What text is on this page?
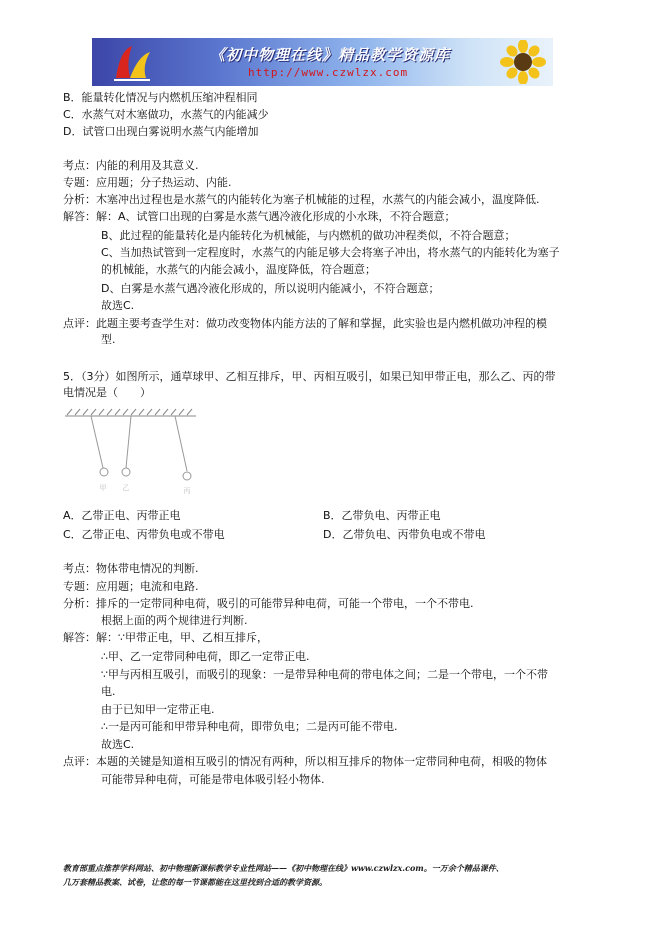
《初中物理在线》精品教学资源库
http://www.czwlzx.com
B．能量转化情况与内燃机压缩冲程相同
C．水蒸气对木塞做功，水蒸气的内能减少
D．试管口出现白雾说明水蒸气内能增加
考点：内能的利用及其意义.
专题：应用题；分子热运动、内能.
分析：木塞冲出过程也是水蒸气的内能转化为塞子机械能的过程，水蒸气的内能会减小，温度降低.
解答：解：A、试管口出现的白雾是水蒸气遇冷液化形成的小水珠，不符合题意；
B、此过程的能量转化是内能转化为机械能，与内燃机的做功冲程类似，不符合题意；
C、当加热试管到一定程度时，水蒸气的内能足够大会将塞子冲出，将水蒸气的内能转化为塞子
的机械能，水蒸气的内能会减小，温度降低，符合题意；
D、白雾是水蒸气遇冷液化形成的，所以说明内能减小，不符合题意；
故选C.
点评：此题主要考查学生对：做功改变物体内能方法的了解和掌握，此实验也是内燃机做功冲程的模
型.
5．（3分）如图所示，通草球甲、乙相互排斥，甲、丙相互吸引，如果已知甲带正电，那么乙、丙的带
电情况是（　　）
甲 乙	丙
A．乙带正电、丙带正电	B．乙带负电、丙带正电
C．乙带正电、丙带负电或不带电	D．乙带负电、丙带负电或不带电
考点：物体带电情况的判断.
专题：应用题；电流和电路.
分析：排斥的一定带同种电荷，吸引的可能带异种电荷，可能一个带电，一个不带电.
根据上面的两个规律进行判断.
解答：解：∵甲带正电，甲、乙相互排斥，
∴甲、乙一定带同种电荷，即乙一定带正电.
∵甲与丙相互吸引，而吸引的现象：一是带异种电荷的带电体之间；二是一个带电，一个不带
电.
由于已知甲一定带正电.
∴一是丙可能和甲带异种电荷，即带负电；二是丙可能不带电.
故选C.
点评：本题的关键是知道相互吸引的情况有两种，所以相互排斥的物体一定带同种电荷，相吸的物体
可能带异种电荷，可能是带电体吸引轻小物体.
教育部重点推荐学科网站、初中物理新课标教学专业性网站——《初中物理在线》www.czwlzx.com。一万余个精品课件、
几万套精品教案、试卷，让您的每一节课都能在这里找到合适的教学资源。
